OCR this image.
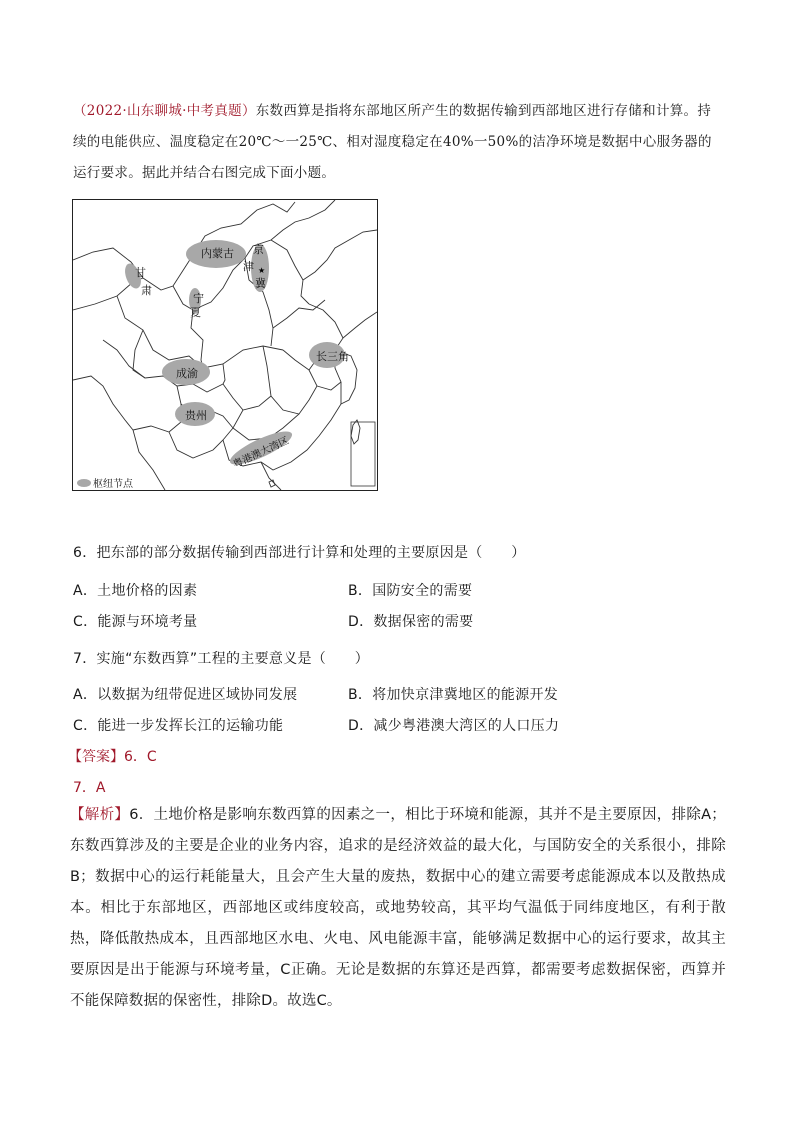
（2022·山东聊城·中考真题）东数西算是指将东部地区所产生的数据传输到西部地区进行存储和计算。持续的电能供应、温度稳定在20℃～一25℃、相对湿度稳定在40%一50%的洁净环境是数据中心服务器的运行要求。据此并结合右图完成下面小题。
★
内蒙古
甘
肃
宁
夏
京
津
冀
长三角
成渝
贵州
粤港澳大湾区
枢纽节点
6．把东部的部分数据传输到西部进行计算和处理的主要原因是（　　）
A．土地价格的因素	B．国防安全的需要
C．能源与环境考量	D．数据保密的需要
7．实施“东数西算”工程的主要意义是（　　）
A．以数据为纽带促进区域协同发展	B．将加快京津冀地区的能源开发
C．能进一步发挥长江的运输功能	D．减少粤港澳大湾区的人口压力
【答案】6．C
7．A
【解析】6．土地价格是影响东数西算的因素之一，相比于环境和能源，其并不是主要原因，排除A；东数西算涉及的主要是企业的业务内容，追求的是经济效益的最大化，与国防安全的关系很小，排除B；数据中心的运行耗能量大，且会产生大量的废热，数据中心的建立需要考虑能源成本以及散热成本。相比于东部地区，西部地区或纬度较高，或地势较高，其平均气温低于同纬度地区，有利于散热，降低散热成本，且西部地区水电、火电、风电能源丰富，能够满足数据中心的运行要求，故其主要原因是出于能源与环境考量，C正确。无论是数据的东算还是西算，都需要考虑数据保密，西算并不能保障数据的保密性，排除D。故选C。
